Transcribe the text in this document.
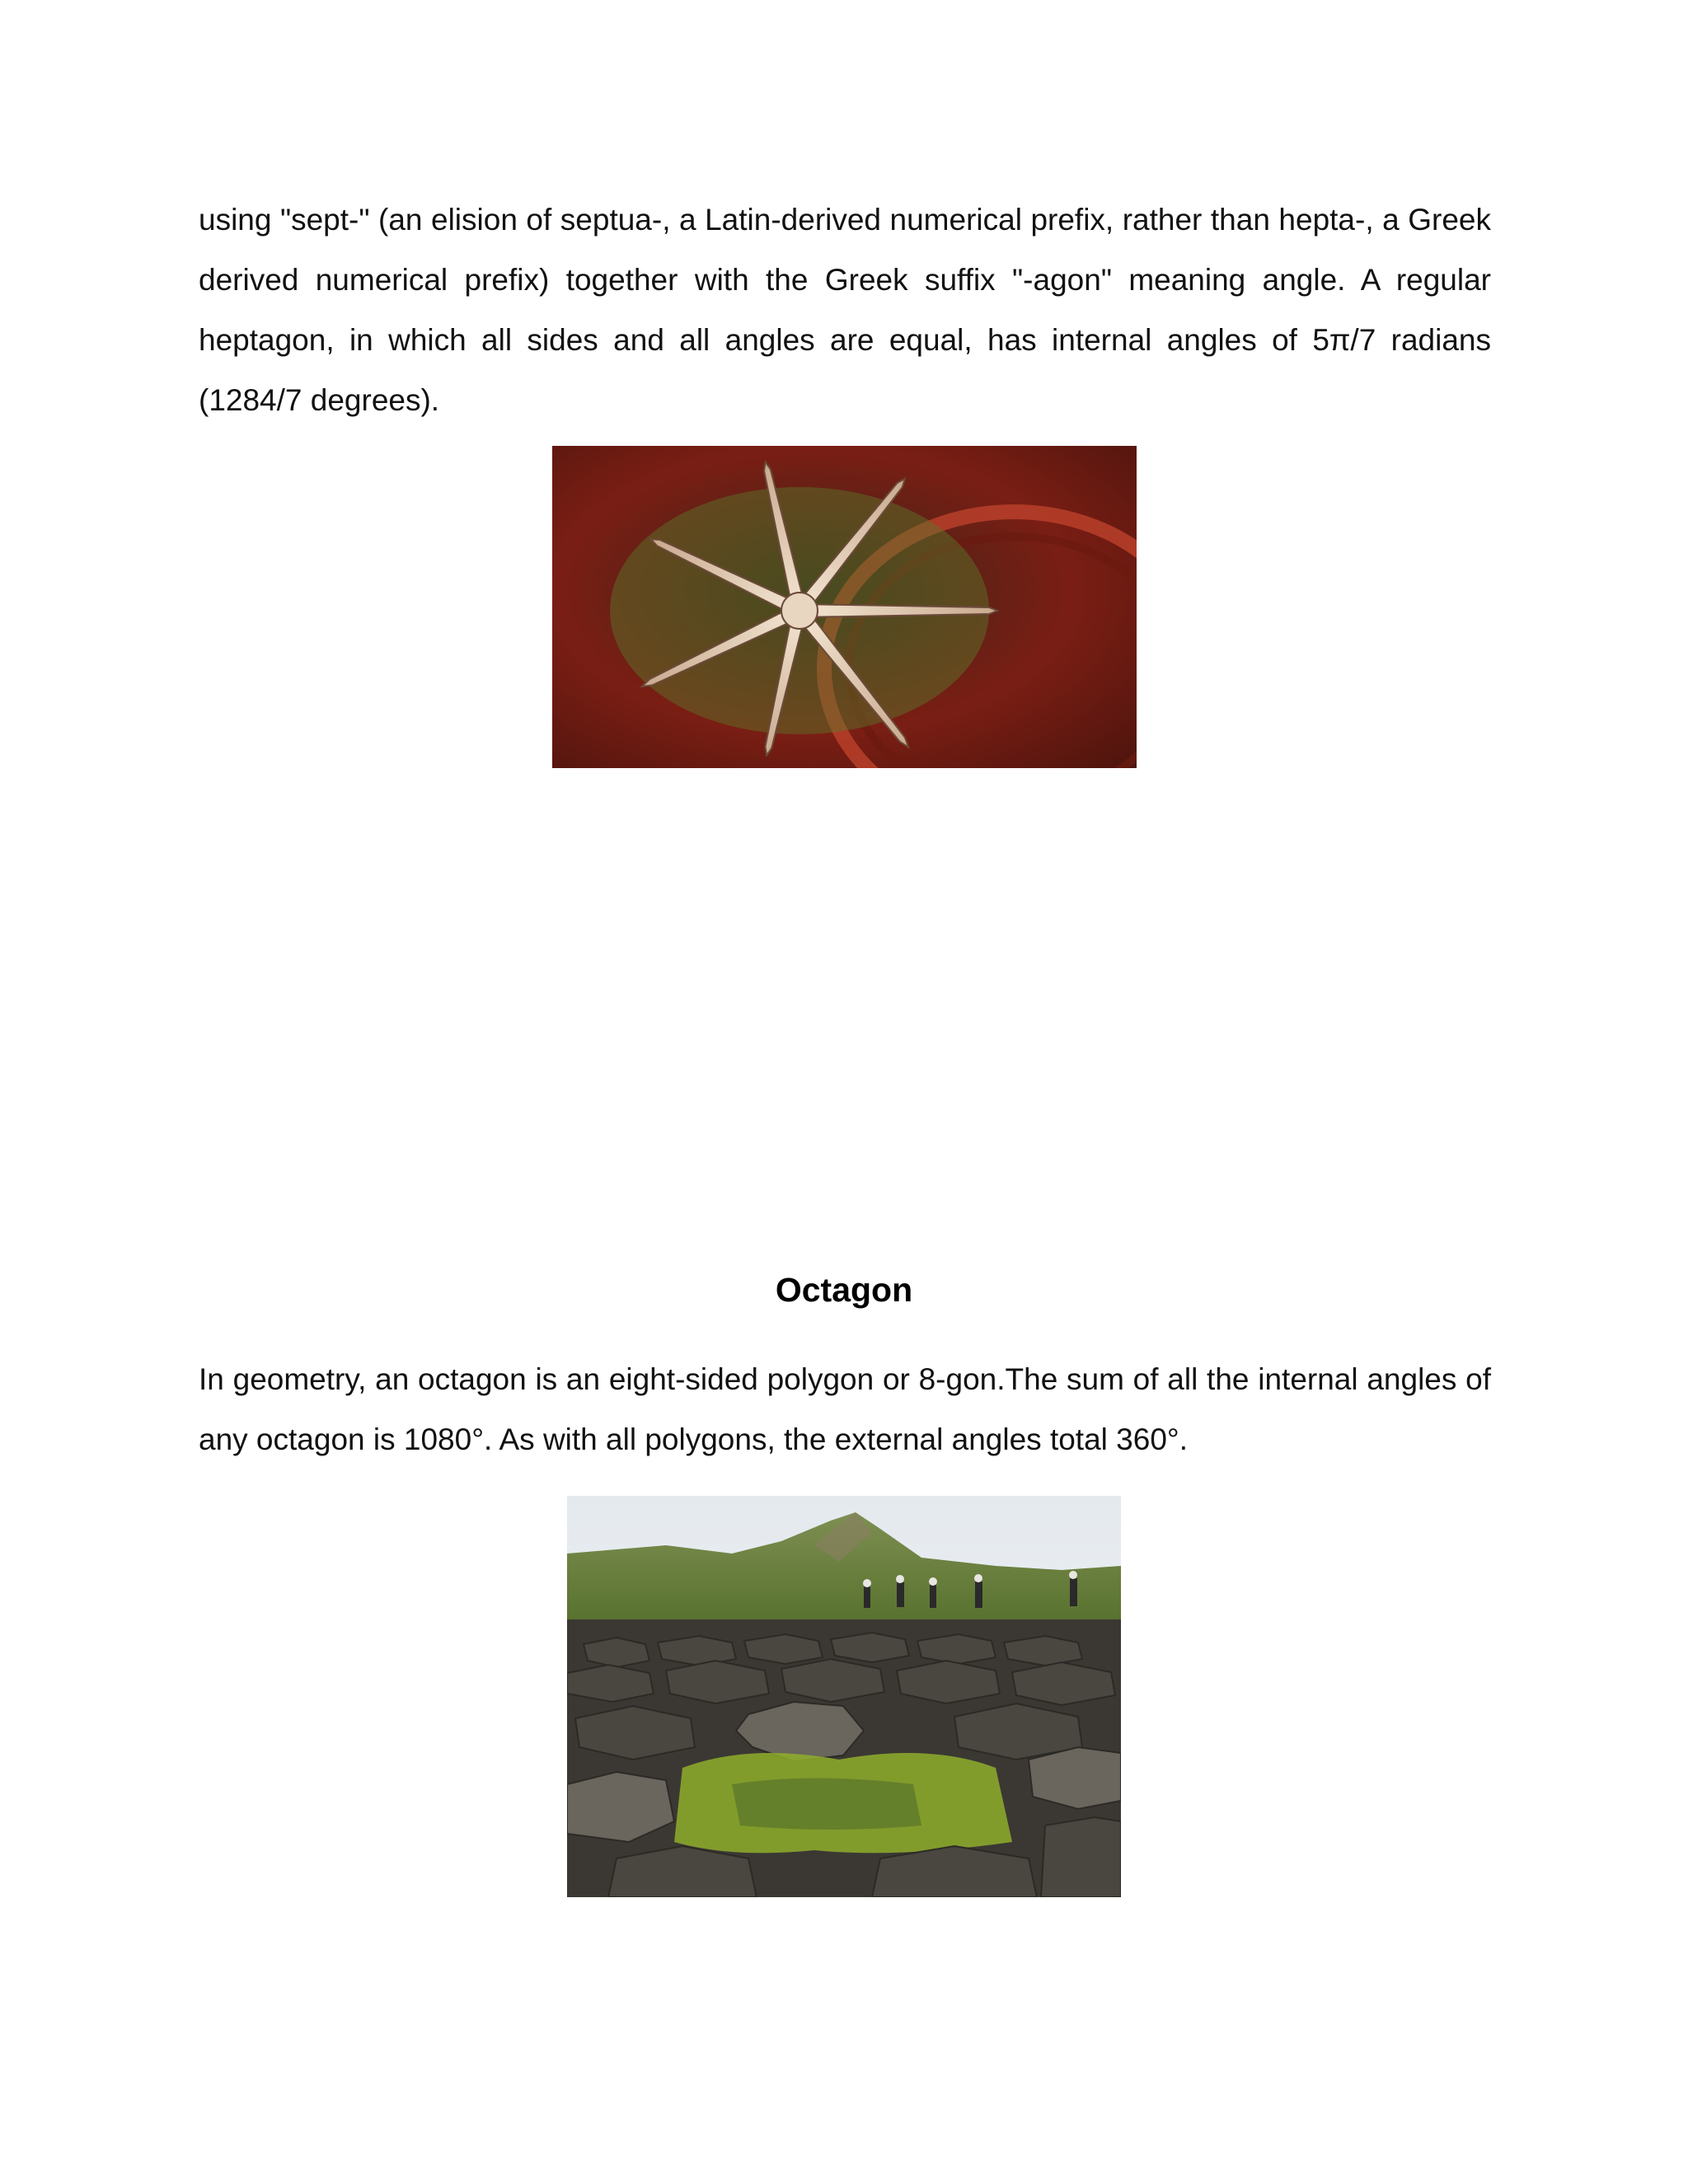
using "sept-" (an elision of septua-, a Latin-derived numerical prefix, rather than hepta-, a Greek derived numerical prefix) together with the Greek suffix "-agon" meaning angle. A regular heptagon, in which all sides and all angles are equal, has internal angles of 5π/7 radians (1284/7 degrees).

Octagon

In geometry, an octagon is an eight-sided polygon or 8-gon.The sum of all the internal angles of any octagon is 1080°. As with all polygons, the external angles total 360°.
